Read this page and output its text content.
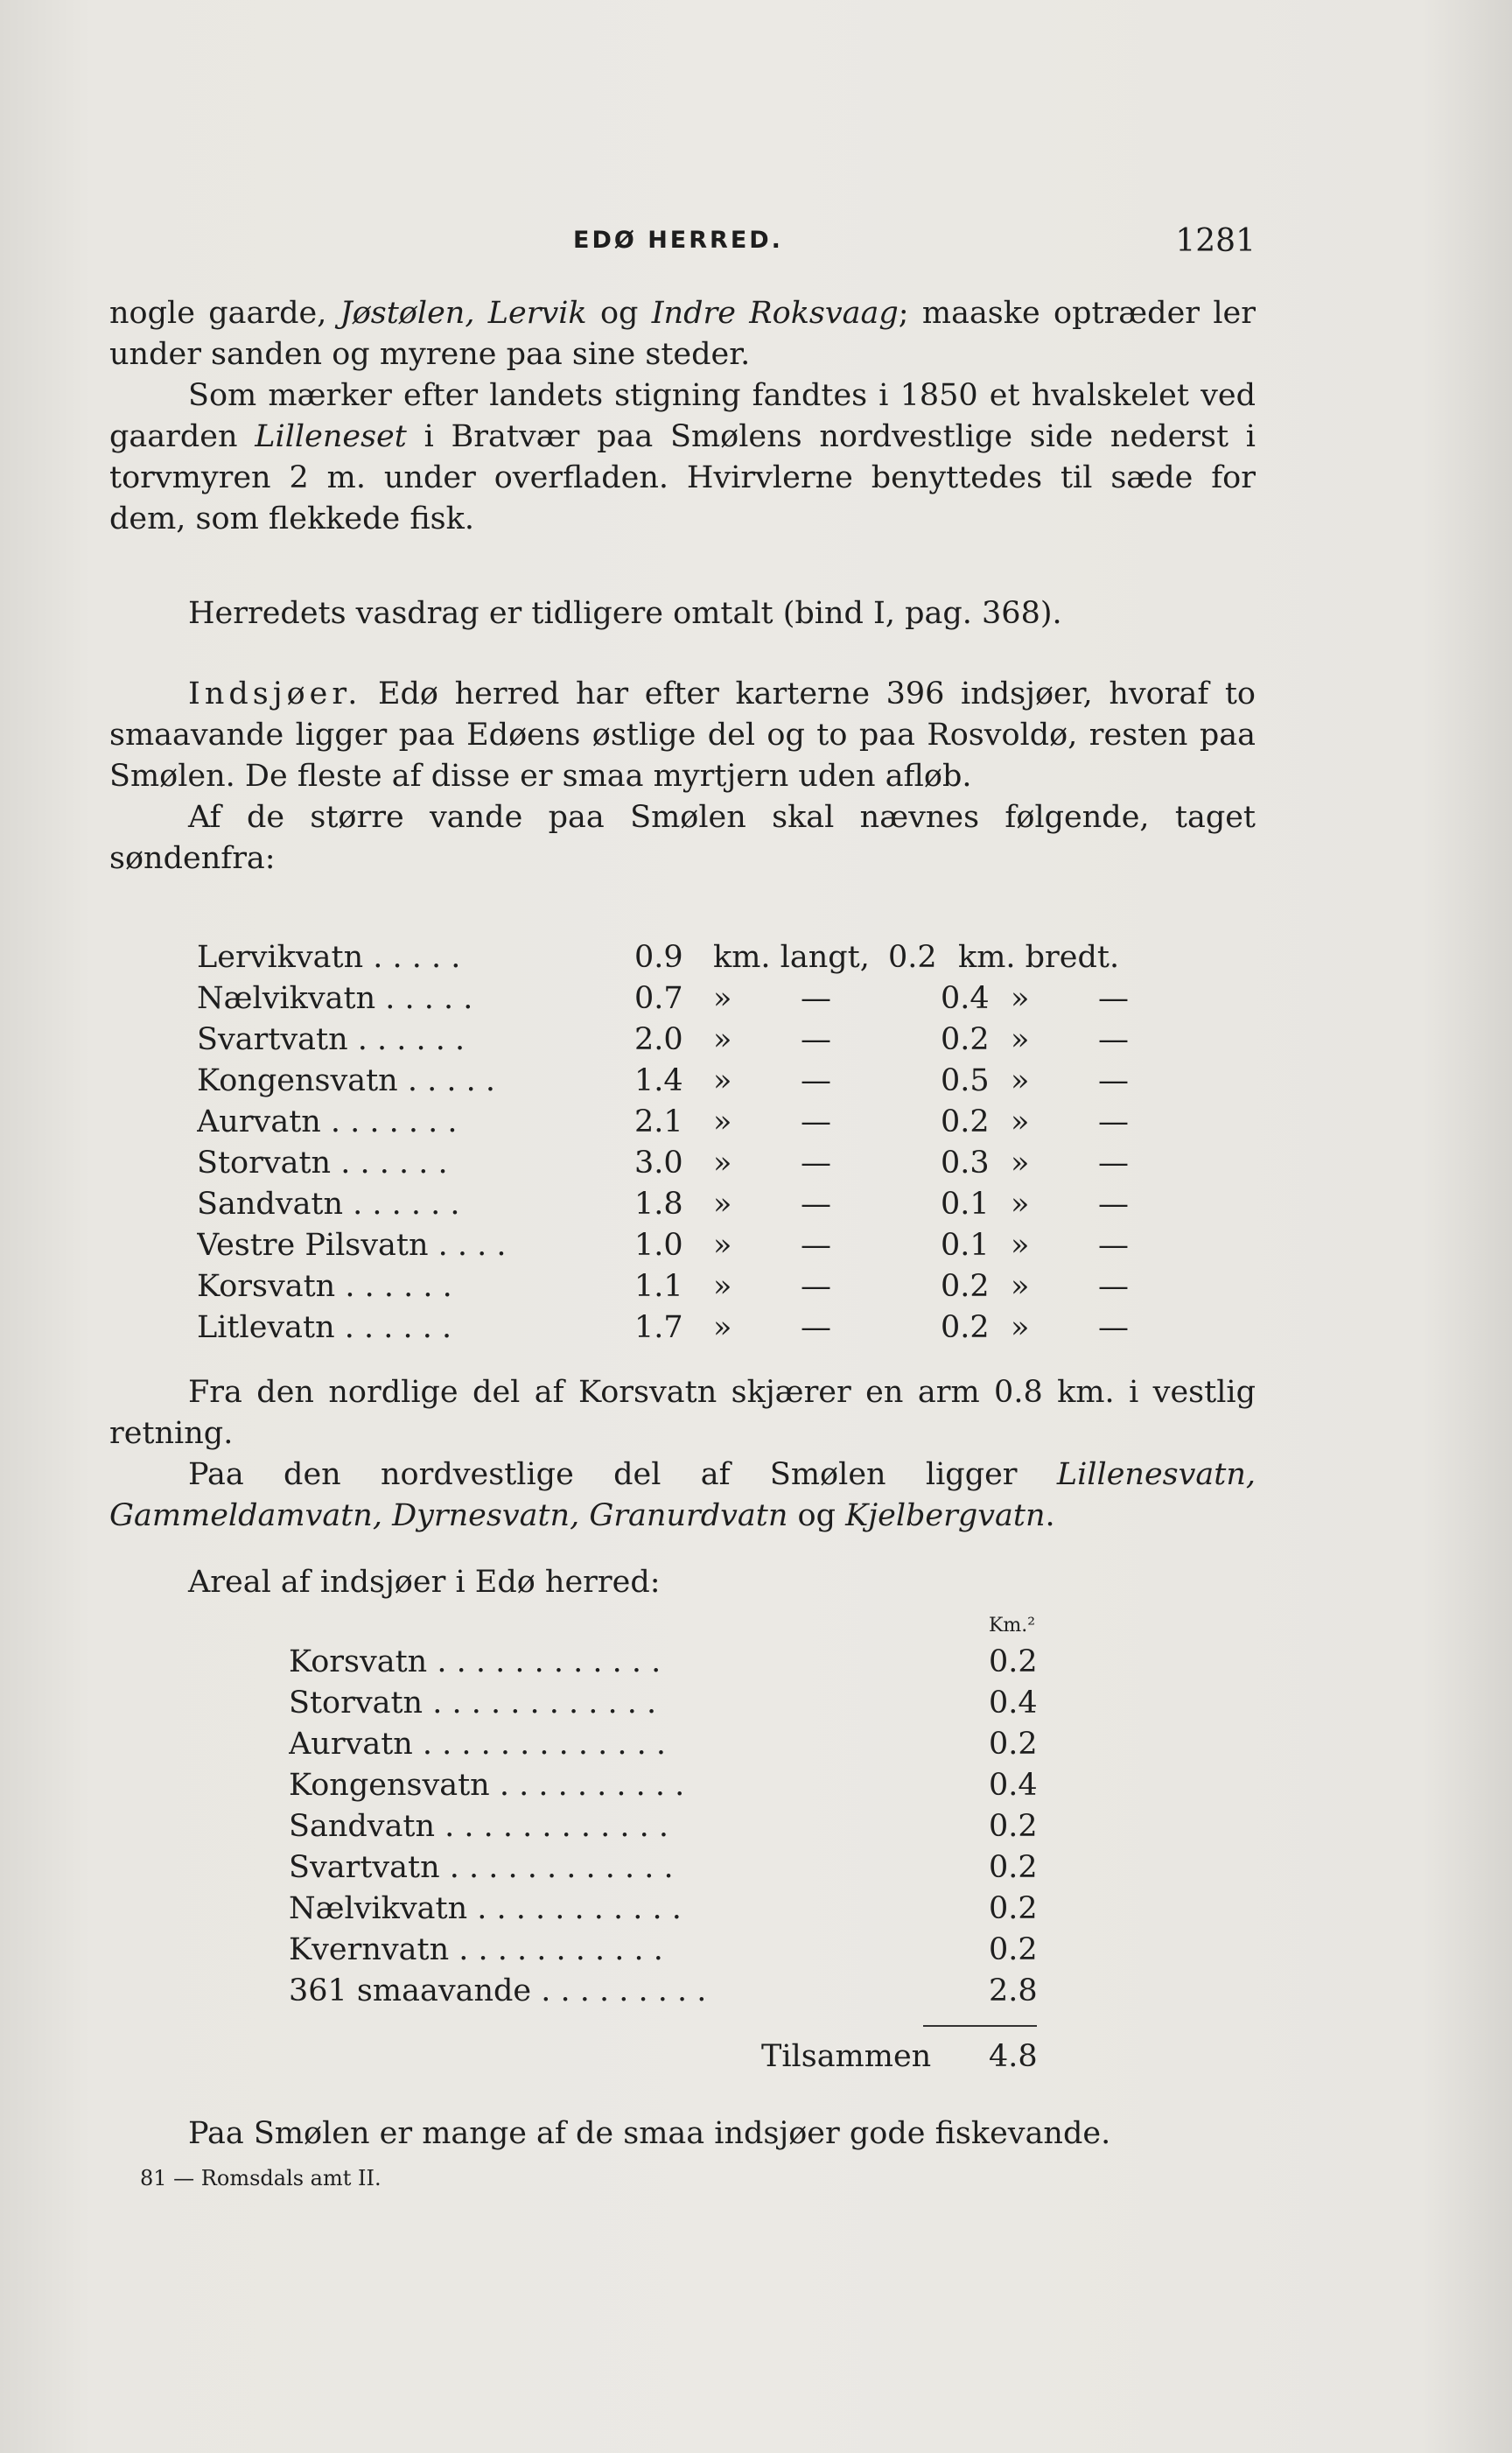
EDØ HERRED.	1281

nogle gaarde, Jøstølen, Lervik og Indre Roksvaag; maaske optræder ler under sanden og myrene paa sine steder.

Som mærker efter landets stigning fandtes i 1850 et hvalskelet ved gaarden Lilleneset i Bratvær paa Smølens nordvestlige side nederst i torvmyren 2 m. under overfladen. Hvirvlerne benyttedes til sæde for dem, som flekkede fisk.

Herredets vasdrag er tidligere omtalt (bind I, pag. 368).

Indsjøer. Edø herred har efter karterne 396 indsjøer, hvoraf to smaavande ligger paa Edøens østlige del og to paa Rosvoldø, resten paa Smølen. De fleste af disse er smaa myrtjern uden afløb.

Af de større vande paa Smølen skal nævnes følgende, taget søndenfra:

Lervikvatn . . . . .	0.9 km. langt, 0.2 km. bredt.
Nælvikvatn . . . . .	0.7 »	—	0.4 »	—
Svartvatn . . . . . .	2.0 »	—	0.2 »	—
Kongensvatn . . . . .	1.4 »	—	0.5 »	—
Aurvatn . . . . . . .	2.1 »	—	0.2 »	—
Storvatn . . . . . .	3.0 »	—	0.3 »	—
Sandvatn . . . . . .	1.8 »	—	0.1 »	—
Vestre Pilsvatn . . . .	1.0 »	—	0.1 »	—
Korsvatn . . . . . .	1.1 »	—	0.2 »	—
Litlevatn . . . . . .	1.7 »	—	0.2 »	—

Fra den nordlige del af Korsvatn skjærer en arm 0.8 km. i vestlig retning.

Paa den nordvestlige del af Smølen ligger Lillenesvatn, Gammeldamvatn, Dyrnesvatn, Granurdvatn og Kjelbergvatn.

Areal af indsjøer i Edø herred:

Km.²
Korsvatn . . . . . . . . . . . .	0.2
Storvatn . . . . . . . . . . . .	0.4
Aurvatn . . . . . . . . . . . . .	0.2
Kongensvatn . . . . . . . . . .	0.4
Sandvatn . . . . . . . . . . . .	0.2
Svartvatn . . . . . . . . . . . .	0.2
Nælvikvatn . . . . . . . . . . .	0.2
Kvernvatn . . . . . . . . . . .	0.2
361 smaavande . . . . . . . . .	2.8
Tilsammen	4.8

Paa Smølen er mange af de smaa indsjøer gode fiskevande.

81 — Romsdals amt II.
